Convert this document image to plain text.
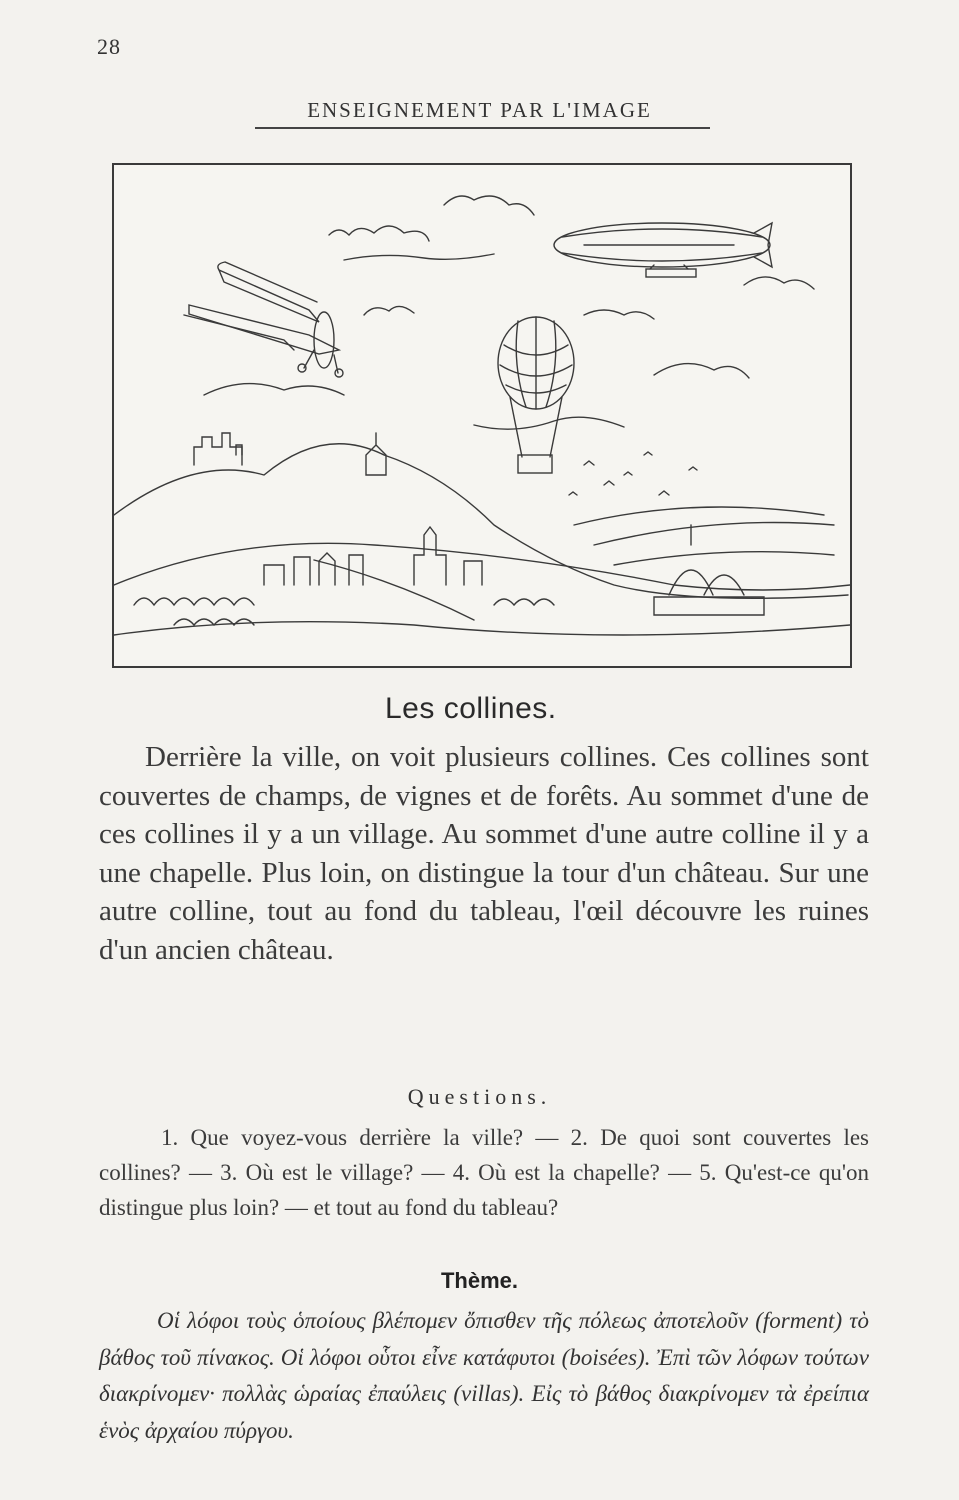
28
ENSEIGNEMENT PAR L'IMAGE
Les collines.

Derrière la ville, on voit plusieurs collines. Ces collines sont couvertes de champs, de vignes et de forêts. Au sommet d'une de ces collines il y a un village. Au sommet d'une autre colline il y a une chapelle. Plus loin, on distingue la tour d'un château. Sur une autre colline, tout au fond du tableau, l'œil découvre les ruines d'un ancien château.

Questions.

1. Que voyez-vous derrière la ville? — 2. De quoi sont couvertes les collines? — 3. Où est le village? — 4. Où est la chapelle? — 5. Qu'est-ce qu'on distingue plus loin? — et tout au fond du tableau?

Thème.

Οἱ λόφοι τοὺς ὁποίους βλέπομεν ὄπισθεν τῆς πόλεως ἀποτελοῦν (forment) τὸ βάθος τοῦ πίνακος. Οἱ λόφοι οὗτοι εἶνε κατάφυτοι (boisées). Ἐπὶ τῶν λόφων τούτων διακρίνομεν· πολλὰς ὡραίας ἐπαύλεις (villas). Εἰς τὸ βάθος διακρίνομεν τὰ ἐρείπια ἑνὸς ἀρχαίου πύργου.
